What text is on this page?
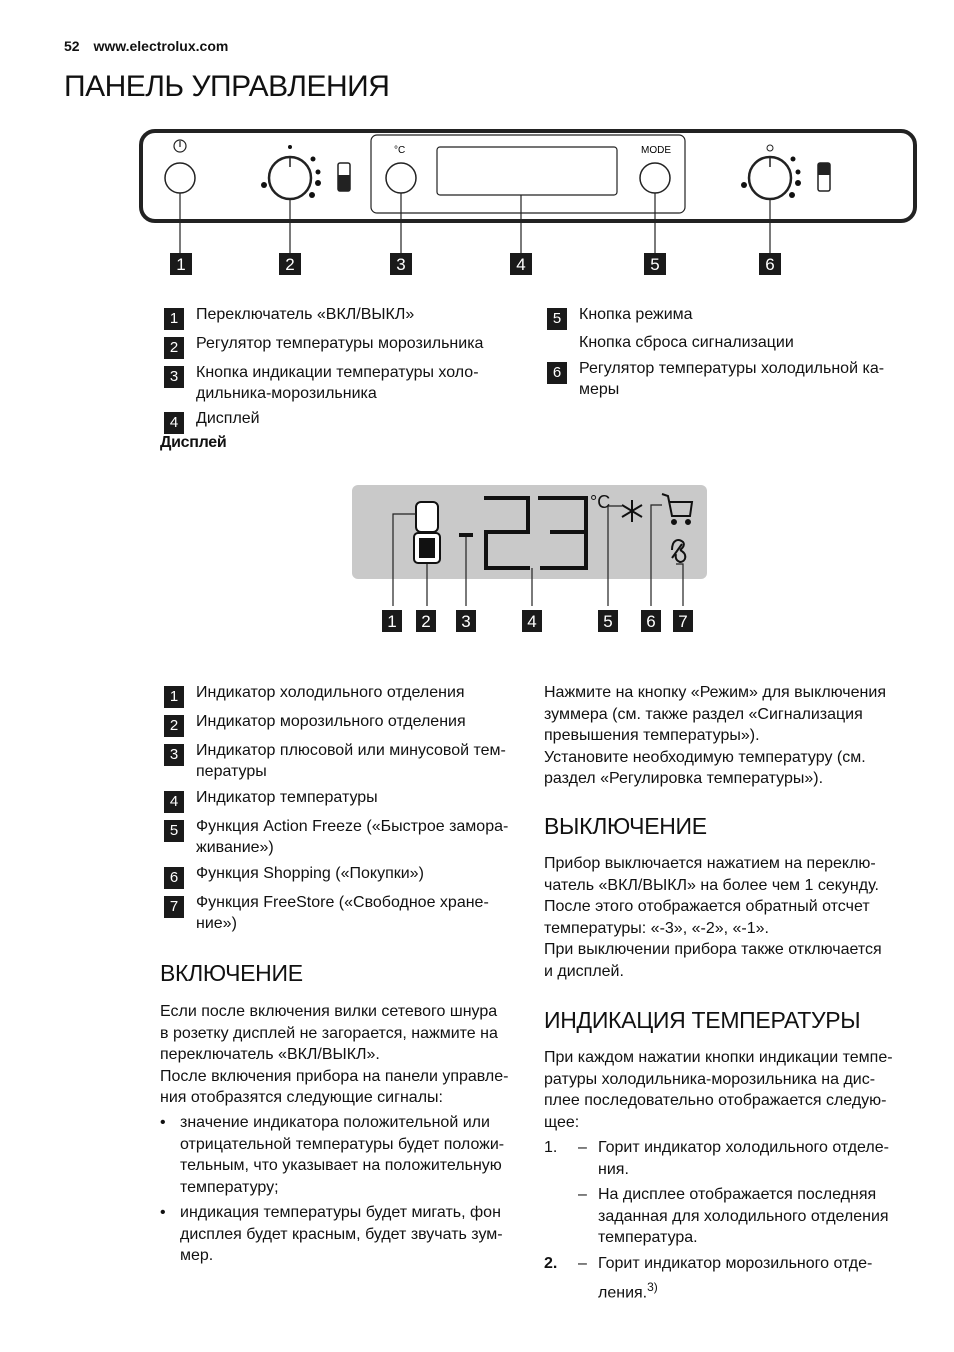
52 www.electrolux.com
ПАНЕЛЬ УПРАВЛЕНИЯ
°C	MODE
1	2	3	4	5	6
1	Переключатель «ВКЛ/ВЫКЛ»
2	Регулятор температуры морозильника
3	Кнопка индикации температуры холо-
дильника-морозильника
4	Дисплей
5	Кнопка режима
Кнопка сброса сигнализации
6	Регулятор температуры холодильной ка-
меры
Дисплей
°C
1 2 3	4	5 6 7
1	Индикатор холодильного отделения
2	Индикатор морозильного отделения
3	Индикатор плюсовой или минусовой тем-
пературы
4	Индикатор температуры
5	Функция Action Freeze («Быстрое замора-
живание»)
6	Функция Shopping («Покупки»)
7	Функция FreeStore («Свободное хране-
ние»)
ВКЛЮЧЕНИЕ
Если после включения вилки сетевого шнура
в розетку дисплей не загорается, нажмите на
переключатель «ВКЛ/ВЫКЛ».
После включения прибора на панели управле-
ния отобразятся следующие сигналы:
• значение индикатора положительной или
отрицательной температуры будет положи-
тельным, что указывает на положительную
температуру;
• индикация температуры будет мигать, фон
дисплея будет красным, будет звучать зум-
мер.
Нажмите на кнопку «Режим» для выключения
зуммера (см. также раздел «Сигнализация
превышения температуры»).
Установите необходимую температуру (см.
раздел «Регулировка температуры»).
ВЫКЛЮЧЕНИЕ
Прибор выключается нажатием на переклю-
чатель «ВКЛ/ВЫКЛ» на более чем 1 секунду.
После этого отображается обратный отсчет
температуры: «-3», «-2», «-1».
При выключении прибора также отключается
и дисплей.
ИНДИКАЦИЯ ТЕМПЕРАТУРЫ
При каждом нажатии кнопки индикации темпе-
ратуры холодильника-морозильника на дис-
плее последовательно отображается следую-
щее:
1. – Горит индикатор холодильного отделе-
ния.
– На дисплее отображается последняя
заданная для холодильного отделения
температура.
2. – Горит индикатор морозильного отде-
ления.$^{3)}$
